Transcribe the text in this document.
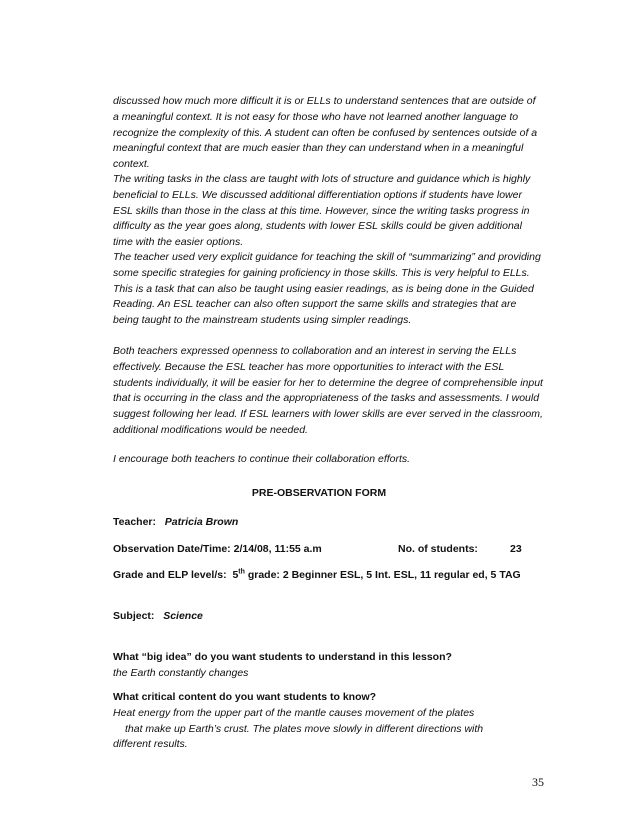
discussed how much more difficult it is or ELLs to understand sentences that are outside of a meaningful context. It is not easy for those who have not learned another language to recognize the complexity of this. A student can often be confused by sentences outside of a meaningful context that are much easier than they can understand when in a meaningful context.

The writing tasks in the class are taught with lots of structure and guidance which is highly beneficial to ELLs. We discussed additional differentiation options if students have lower ESL skills than those in the class at this time. However, since the writing tasks progress in difficulty as the year goes along, students with lower ESL skills could be given additional time with the easier options.

The teacher used very explicit guidance for teaching the skill of “summarizing” and providing some specific strategies for gaining proficiency in those skills. This is very helpful to ELLs. This is a task that can also be taught using easier readings, as is being done in the Guided Reading. An ESL teacher can also often support the same skills and strategies that are being taught to the mainstream students using simpler readings.

Both teachers expressed openness to collaboration and an interest in serving the ELLs effectively. Because the ESL teacher has more opportunities to interact with the ESL students individually, it will be easier for her to determine the degree of comprehensible input that is occurring in the class and the appropriateness of the tasks and assessments. I would suggest following her lead. If ESL learners with lower skills are ever served in the classroom, additional modifications would be needed.

I encourage both teachers to continue their collaboration efforts.

PRE-OBSERVATION FORM
Teacher: Patricia Brown
Observation Date/Time: 2/14/08, 11:55 a.m	No. of students:	23
Grade and ELP level/s: 5th grade: 2 Beginner ESL, 5 Int. ESL, 11 regular ed, 5 TAG
Subject: Science
What “big idea” do you want students to understand in this lesson?
the Earth constantly changes
What critical content do you want students to know?
Heat energy from the upper part of the mantle causes movement of the plates
that make up Earth’s crust. The plates move slowly in different directions with
different results.
35
